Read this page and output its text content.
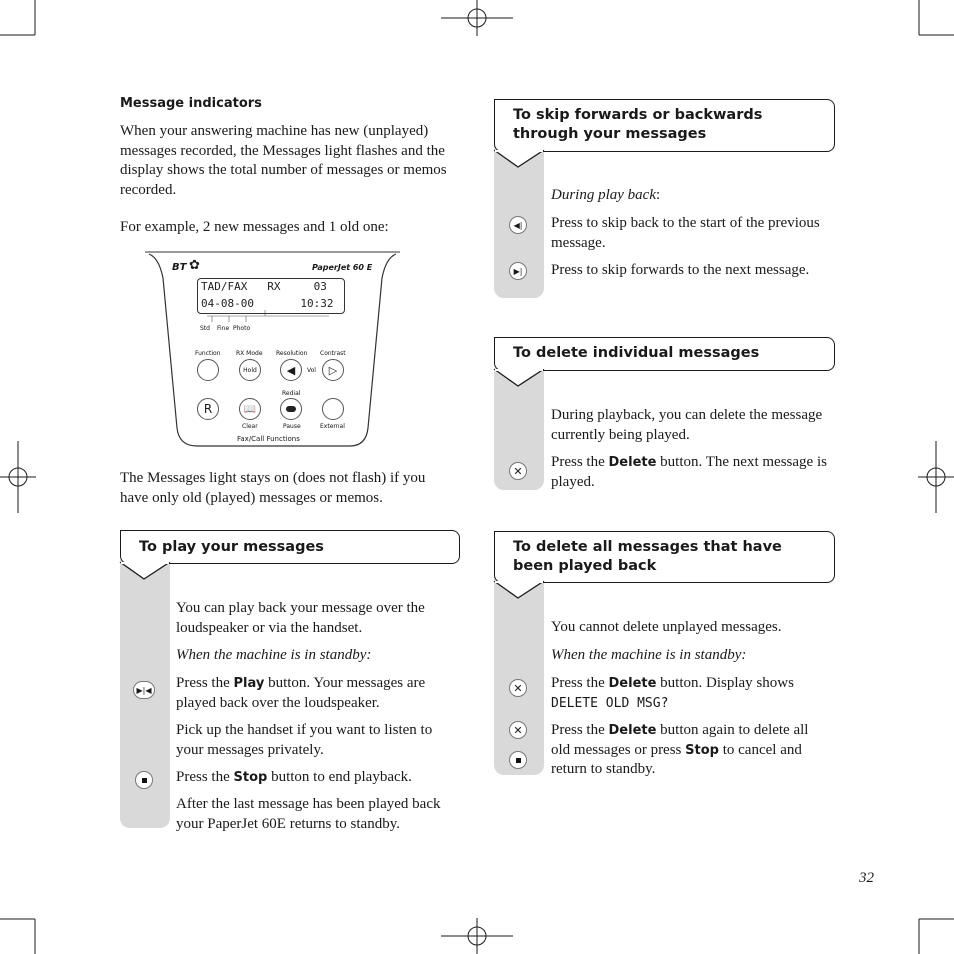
Message indicators
When your answering machine has new (unplayed) messages recorded, the Messages light flashes and the display shows the total number of messages or memos recorded.
For example, 2 new messages and 1 old one:
BT ✿	PaperJet 60 E
TAD/FAX   RX     03
04-08-00       10:32
Std Fine Photo
Function	RX Mode Resolution Contrast
Hold	◀ Vol ▷
Redial
R	📖
Clear	Pause	External
Fax/Call Functions
The Messages light stays on (does not flash) if you have only old (played) messages or memos.
To play your messages
You can play back your message over the loudspeaker or via the handset.
When the machine is in standby:
▶|◀ Press the Play button. Your messages are played back over the loudspeaker.
Pick up the handset if you want to listen to your messages privately.
Press the Stop button to end playback.
After the last message has been played back your PaperJet 60E returns to standby.
To skip forwards or backwards through your messages
During play back:
◀|	Press to skip back to the start of the previous message.
▶|	Press to skip forwards to the next message.
To delete individual messages
During playback, you can delete the message currently being played.
✕
Press the Delete button. The next message is played.
To delete all messages that have been played back
You cannot delete unplayed messages.
When the machine is in standby:
✕ Press the Delete button. Display shows
DELETE OLD MSG?
✕ Press the Delete button again to delete all old messages or press Stop to cancel and return to standby.
32
